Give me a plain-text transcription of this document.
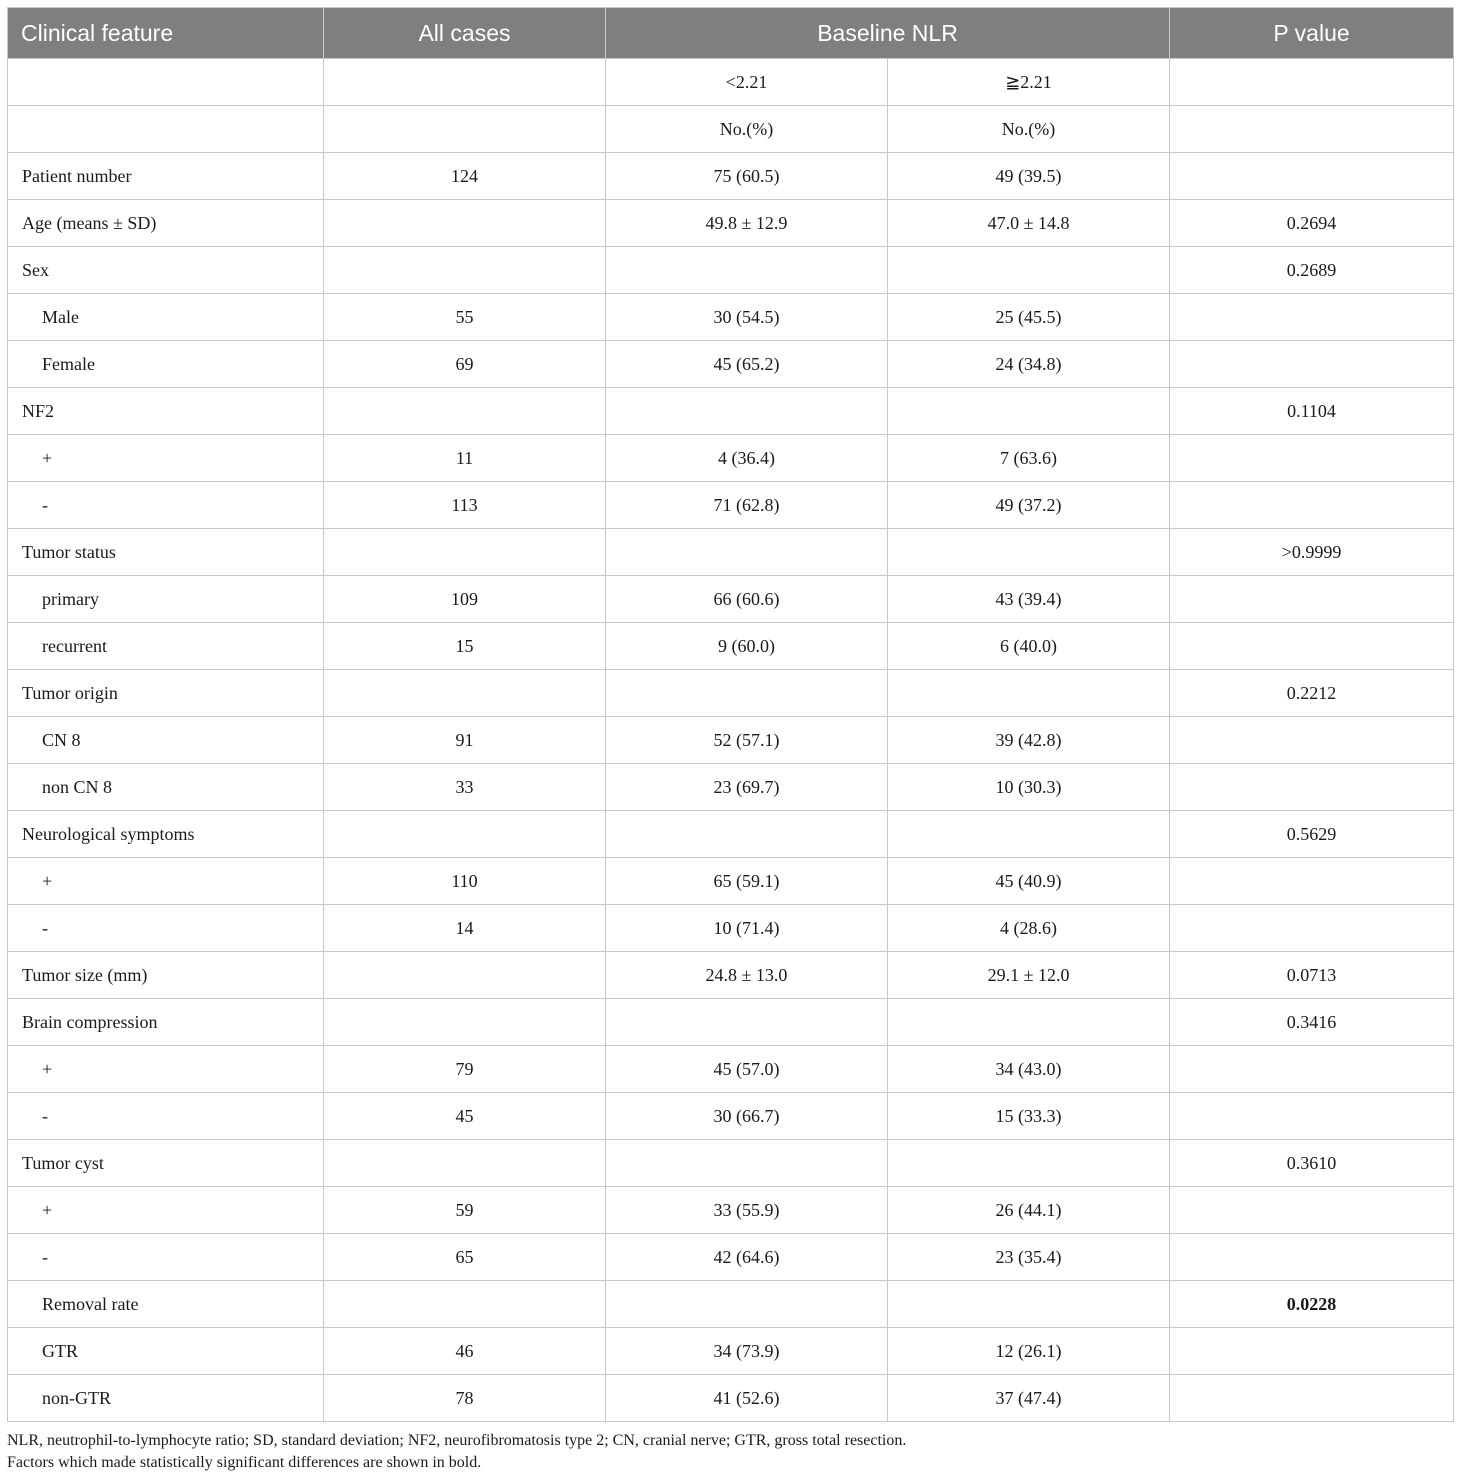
Clinical feature	All cases	Baseline NLR		P value
		<2.21	≧2.21	
		No.(%)	No.(%)	
Patient number	124	75 (60.5)	49 (39.5)	
Age (means ± SD)		49.8 ± 12.9	47.0 ± 14.8	0.2694
Sex				0.2689
Male	55	30 (54.5)	25 (45.5)	
Female	69	45 (65.2)	24 (34.8)	
NF2				0.1104
+	11	4 (36.4)	7 (63.6)	
-	113	71 (62.8)	49 (37.2)	
Tumor status				>0.9999
primary	109	66 (60.6)	43 (39.4)	
recurrent	15	9 (60.0)	6 (40.0)	
Tumor origin				0.2212
CN 8	91	52 (57.1)	39 (42.8)	
non CN 8	33	23 (69.7)	10 (30.3)	
Neurological symptoms				0.5629
+	110	65 (59.1)	45 (40.9)	
-	14	10 (71.4)	4 (28.6)	
Tumor size (mm)		24.8 ± 13.0	29.1 ± 12.0	0.0713
Brain compression				0.3416
+	79	45 (57.0)	34 (43.0)	
-	45	30 (66.7)	15 (33.3)	
Tumor cyst				0.3610
+	59	33 (55.9)	26 (44.1)	
-	65	42 (64.6)	23 (35.4)	
Removal rate				0.0228
GTR	46	34 (73.9)	12 (26.1)	
non-GTR	78	41 (52.6)	37 (47.4)	

NLR, neutrophil-to-lymphocyte ratio; SD, standard deviation; NF2, neurofibromatosis type 2; CN, cranial nerve; GTR, gross total resection.

Factors which made statistically significant differences are shown in bold.
